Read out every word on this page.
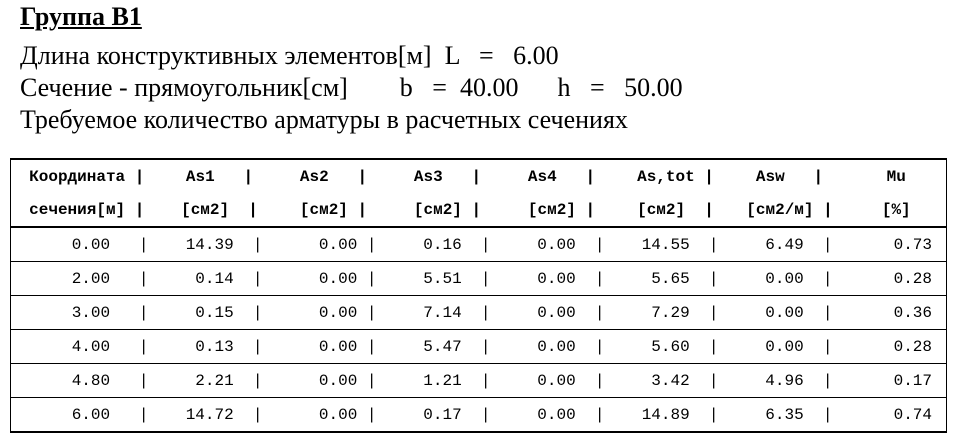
Группа B1
Длина конструктивных элементов[м]  L   =   6.00
Сечение - прямоугольник[см]        b   =  40.00      h   =   50.00
Требуемое количество арматуры в расчетных сечениях
Координата |	As1   |	As2   |	As3   |	As4   |	As,tot |	Asw   |	Mu
сечения[м] |	[см2]  |	[см2] |	[см2] |	[см2] |	[см2]  |	[см2/м] |	[%]
0.00   |	14.39  |	0.00 |	0.16  |	0.00  |	14.55  |	6.49  |	0.73
2.00   |	0.14  |	0.00 |	5.51  |	0.00  |	5.65  |	0.00  |	0.28
3.00   |	0.15  |	0.00 |	7.14  |	0.00  |	7.29  |	0.00  |	0.36
4.00   |	0.13  |	0.00 |	5.47  |	0.00  |	5.60  |	0.00  |	0.28
4.80   |	2.21  |	0.00 |	1.21  |	0.00  |	3.42  |	4.96  |	0.17
6.00   |	14.72  |	0.00 |	0.17  |	0.00  |	14.89  |	6.35  |	0.74
